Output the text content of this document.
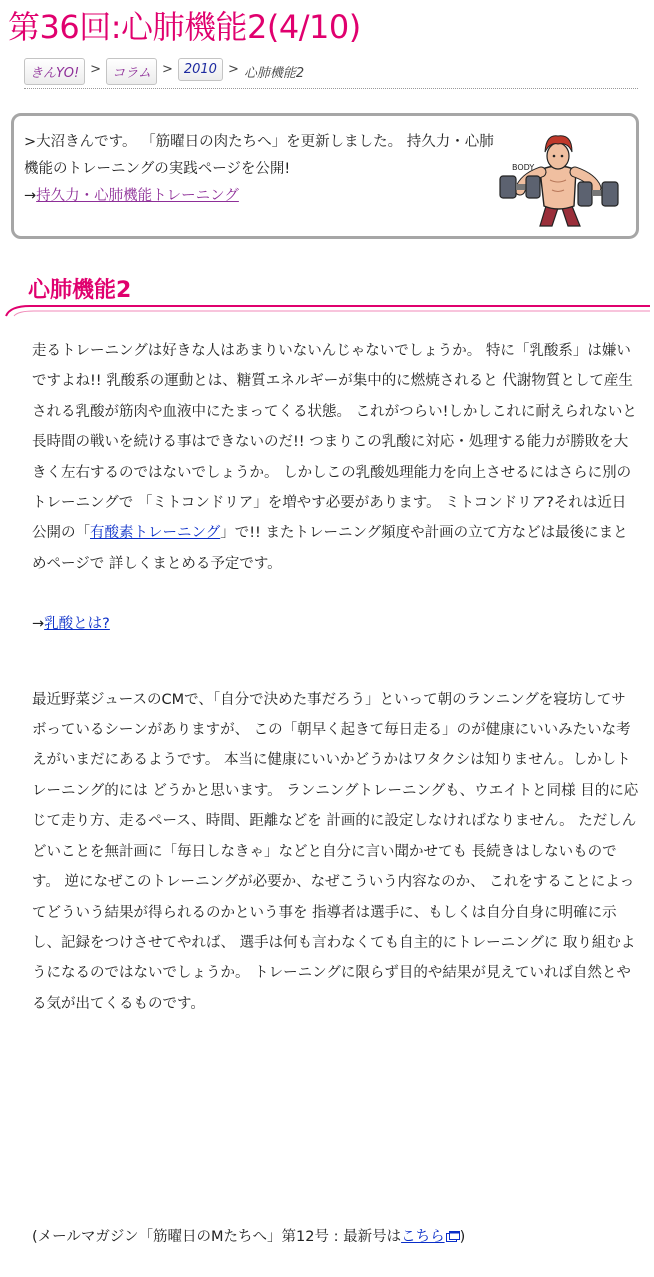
第36回:心肺機能2(4/10)
きんYO! > コラム > 2010 > 心肺機能2
>大沼きんです。 「筋曜日の肉たちへ」を更新しました。 持久力・心肺機能のトレーニングの実践ページを公開!
→持久力・心肺機能トレーニング
BODY
心肺機能2

走るトレーニングは好きな人はあまりいないんじゃないでしょうか。 特に「乳酸系」は嫌いですよね!! 乳酸系の運動とは、糖質エネルギーが集中的に燃焼されると 代謝物質として産生される乳酸が筋肉や血液中にたまってくる状態。 これがつらい!しかしこれに耐えられないと長時間の戦いを続ける事はできないのだ!! つまりこの乳酸に対応・処理する能力が勝敗を大きく左右するのではないでしょうか。 しかしこの乳酸処理能力を向上させるにはさらに別のトレーニングで 「ミトコンドリア」を増やす必要があります。 ミトコンドリア?それは近日公開の「有酸素トレーニング」で!! またトレーニング頻度や計画の立て方などは最後にまとめページで 詳しくまとめる予定です。

→乳酸とは?

最近野菜ジュースのCMで、「自分で決めた事だろう」といって朝のランニングを寝坊してサボっているシーンがありますが、 この「朝早く起きて毎日走る」のが健康にいいみたいな考えがいまだにあるようです。 本当に健康にいいかどうかはワタクシは知りません。しかしトレーニング的には どうかと思います。 ランニングトレーニングも、ウエイトと同様 目的に応じて走り方、走るペース、時間、距離などを 計画的に設定しなければなりません。 ただしんどいことを無計画に「毎日しなきゃ」などと自分に言い聞かせても 長続きはしないものです。 逆になぜこのトレーニングが必要か、なぜこういう内容なのか、 これをすることによってどういう結果が得られるのかという事を 指導者は選手に、もしくは自分自身に明確に示し、記録をつけさせてやれば、 選手は何も言わなくても自主的にトレーニングに 取り組むようになるのではないでしょうか。 トレーニングに限らず目的や結果が見えていれば自然とやる気が出てくるものです。

(メールマガジン「筋曜日のMたちへ」第12号 : 最新号はこちら )
